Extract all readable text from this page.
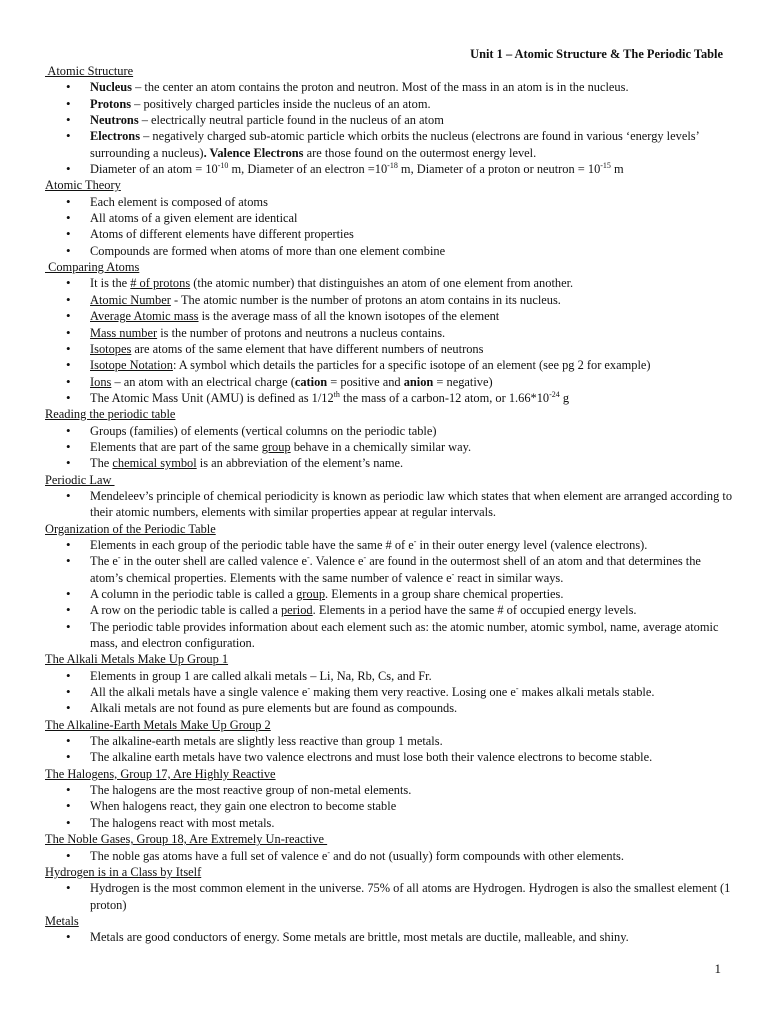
Unit 1 – Atomic Structure & The Periodic Table
Atomic Structure
• Nucleus – the center an atom contains the proton and neutron. Most of the mass in an atom is in the nucleus.
• Protons – positively charged particles inside the nucleus of an atom.
• Neutrons – electrically neutral particle found in the nucleus of an atom
• Electrons – negatively charged sub-atomic particle which orbits the nucleus (electrons are found in various ‘energy levels’ surrounding a nucleus). Valence Electrons are those found on the outermost energy level.
• Diameter of an atom = $10^{-10}$ m, Diameter of an electron $=10^{-18}$ m, Diameter of a proton or neutron = $10^{-15}$ m
Atomic Theory
• Each element is composed of atoms
• All atoms of a given element are identical
• Atoms of different elements have different properties
• Compounds are formed when atoms of more than one element combine
Comparing Atoms
• It is the # of protons (the atomic number) that distinguishes an atom of one element from another.
• Atomic Number - The atomic number is the number of protons an atom contains in its nucleus.
• Average Atomic mass is the average mass of all the known isotopes of the element
• Mass number is the number of protons and neutrons a nucleus contains.
• Isotopes are atoms of the same element that have different numbers of neutrons
• Isotope Notation: A symbol which details the particles for a specific isotope of an element (see pg 2 for example)
• Ions – an atom with an electrical charge (cation = positive and anion = negative)
• The Atomic Mass Unit (AMU) is defined as 1/12th the mass of a carbon-12 atom, or $1.66*10^{-24}$ g
Reading the periodic table
• Groups (families) of elements (vertical columns on the periodic table)
• Elements that are part of the same group behave in a chemically similar way.
• The chemical symbol is an abbreviation of the element’s name.
Periodic Law
• Mendeleev’s principle of chemical periodicity is known as periodic law which states that when element are arranged according to their atomic numbers, elements with similar properties appear at regular intervals.
Organization of the Periodic Table
• Elements in each group of the periodic table have the same # of e- in their outer energy level (valence electrons).
• The e- in the outer shell are called valence e-. Valence e- are found in the outermost shell of an atom and that determines the atom’s chemical properties. Elements with the same number of valence e- react in similar ways.
• A column in the periodic table is called a group. Elements in a group share chemical properties.
• A row on the periodic table is called a period. Elements in a period have the same # of occupied energy levels.
• The periodic table provides information about each element such as: the atomic number, atomic symbol, name, average atomic mass, and electron configuration.
The Alkali Metals Make Up Group 1
• Elements in group 1 are called alkali metals – Li, Na, Rb, Cs, and Fr.
• All the alkali metals have a single valence e- making them very reactive. Losing one e- makes alkali metals stable.
• Alkali metals are not found as pure elements but are found as compounds.
The Alkaline-Earth Metals Make Up Group 2
• The alkaline-earth metals are slightly less reactive than group 1 metals.
• The alkaline earth metals have two valence electrons and must lose both their valence electrons to become stable.
The Halogens, Group 17, Are Highly Reactive
• The halogens are the most reactive group of non-metal elements.
• When halogens react, they gain one electron to become stable
• The halogens react with most metals.
The Noble Gases, Group 18, Are Extremely Un-reactive
• The noble gas atoms have a full set of valence e- and do not (usually) form compounds with other elements.
Hydrogen is in a Class by Itself
• Hydrogen is the most common element in the universe. 75% of all atoms are Hydrogen. Hydrogen is also the smallest element (1 proton)
Metals
• Metals are good conductors of energy. Some metals are brittle, most metals are ductile, malleable, and shiny.
1
